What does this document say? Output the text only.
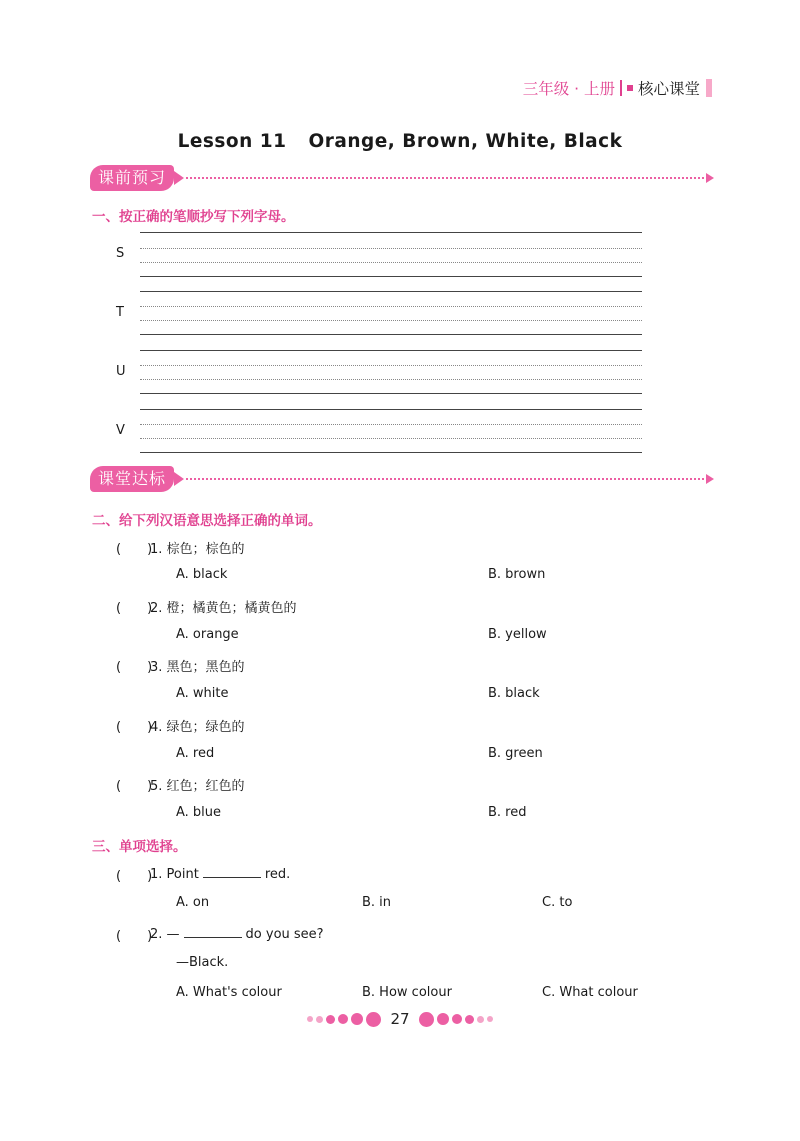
三年级 · 上册 核心课堂
Lesson 11 Orange, Brown, White, Black
课前预习
一、按正确的笔顺抄写下列字母。
S
T
U
V
课堂达标
二、给下列汉语意思选择正确的单词。
(　　)
1. 棕色；棕色的
A. black	B. brown
(　　)
2. 橙；橘黄色；橘黄色的
A. orange	B. yellow
(　　)
3. 黑色；黑色的
A. white	B. black
(　　)
4. 绿色；绿色的
A. red	B. green
(　　)
5. 红色；红色的
A. blue	B. red
三、单项选择。
(　　)
1. Point	red.
A. on	B. in	C. to
(　　)
2. —	do you see?
—Black.
A. What's colour	B. How colour	C. What colour
27
